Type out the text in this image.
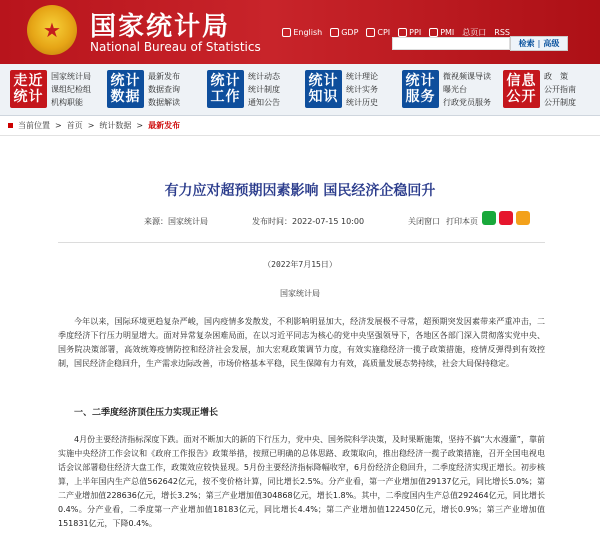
★	国家统计局
National Bureau of Statistics
English GDP CPI PPI PMI 总页口 RSS
检索 | 高级
走近
统计
国家统计局
课组纪检组
机构职能
统计
数据
最新发布
数据查询
数据解读
统计
工作
统计动态
统计制度
通知公告
统计
知识
统计理论
统计实务
统计历史
统计
服务
微视频课导读
曝光台
行政党员服务
信息
公开
政　策
公开指南
公开制度
当前位置 > 首页 > 统计数据 > 最新发布
有力应对超预期因素影响 国民经济企稳回升
来源：国家统计局	发布时间：2022-07-15 10:00	关闭窗口 打印本页
（2022年7月15日）
国家统计局
今年以来，国际环境更趋复杂严峻，国内疫情多发散发，不利影响明显加大，经济发展极不寻常，超预期突发因素带来严重冲击，二季度经济下行压力明显增大。面对异常复杂困难局面，在以习近平同志为核心的党中央坚强领导下，各地区各部门深入贯彻落实党中央、国务院决策部署，高效统筹疫情防控和经济社会发展，加大宏观政策调节力度，有效实施稳经济一揽子政策措施，疫情反弹得到有效控制，国民经济企稳回升，生产需求边际改善，市场价格基本平稳，民生保障有力有效，高质量发展态势持续，社会大局保持稳定。
一、二季度经济顶住压力实现正增长
4月份主要经济指标深度下跌。面对不断加大的新的下行压力，党中央、国务院科学决策，及时果断施策，坚持不搞“大水漫灌”，靠前实施中央经济工作会议和《政府工作报告》政策举措，按照已明确的总体思路、政策取向，推出稳经济一揽子政策措施，召开全国电视电话会议部署稳住经济大盘工作，政策效应较快显现。5月份主要经济指标降幅收窄，6月份经济企稳回升，二季度经济实现正增长。初步核算，上半年国内生产总值562642亿元，按不变价格计算，同比增长2.5%。分产业看，第一产业增加值29137亿元，同比增长5.0%；第二产业增加值228636亿元，增长3.2%；第三产业增加值304868亿元，增长1.8%。其中，二季度国内生产总值292464亿元，同比增长0.4%。分产业看，二季度第一产业增加值18183亿元，同比增长4.4%；第二产业增加值122450亿元，增长0.9%；第三产业增加值151831亿元，下降0.4%。
